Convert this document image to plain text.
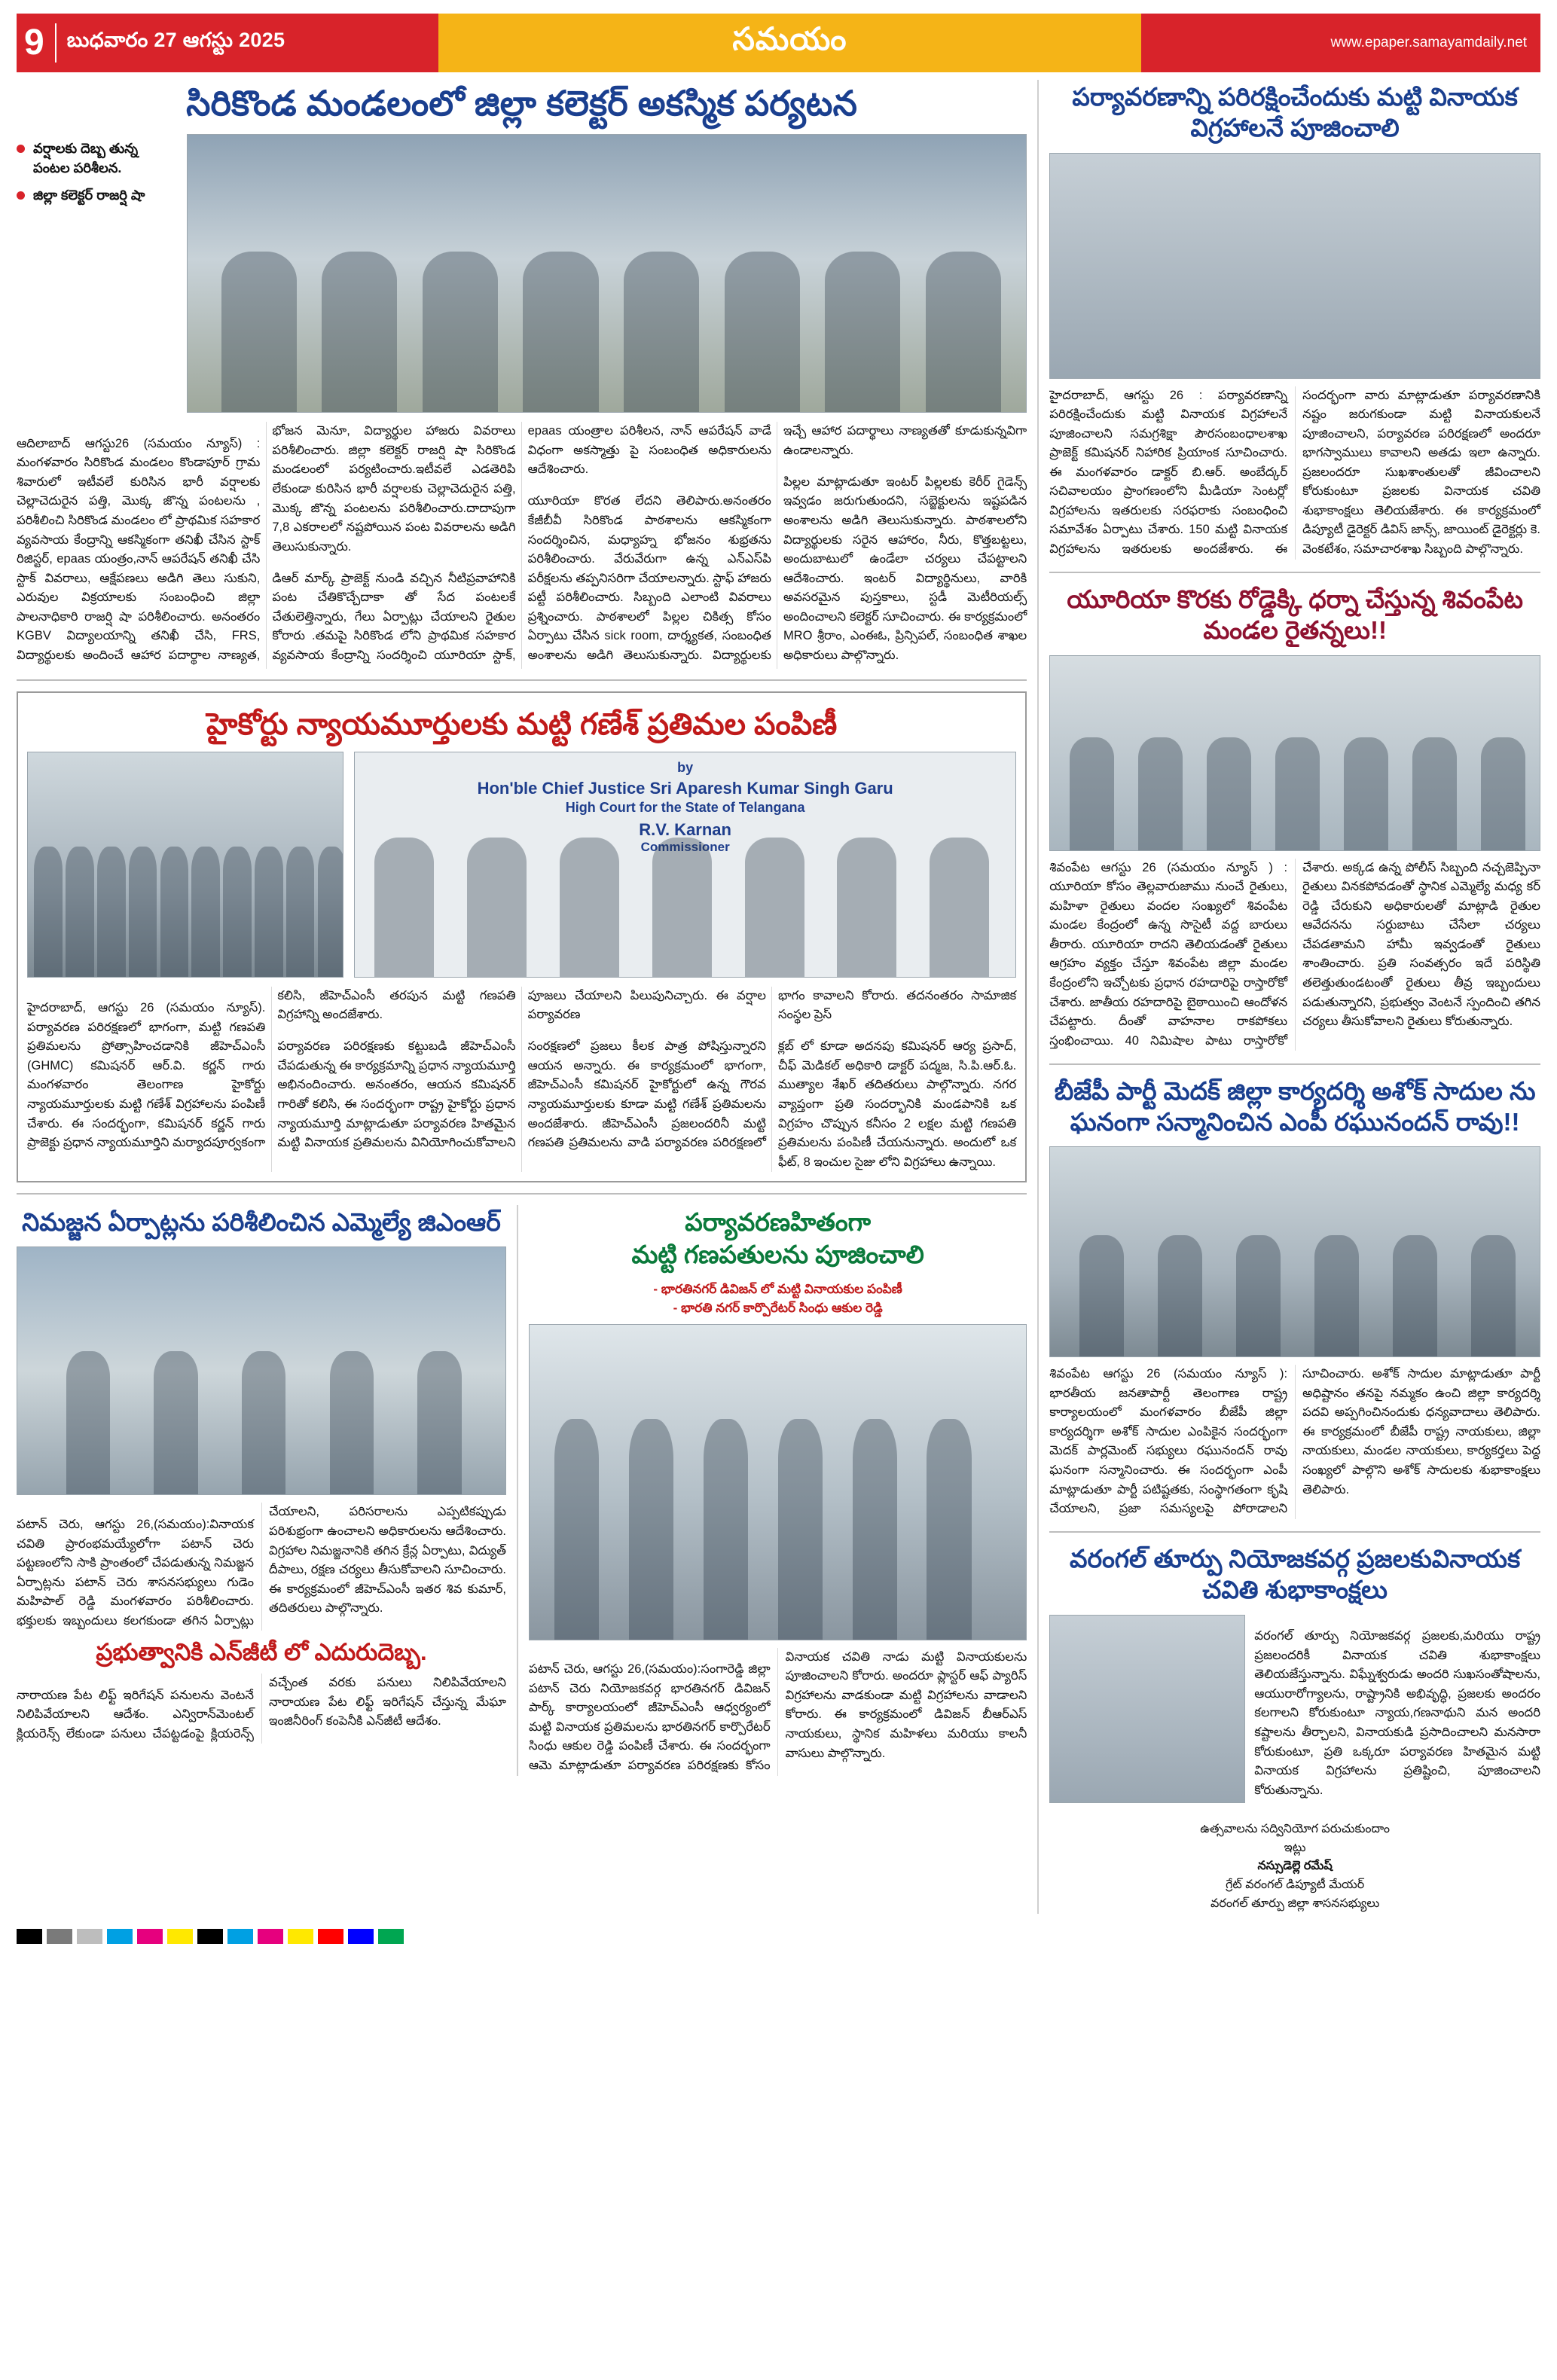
9	బుధవారం 27 ఆగస్టు 2025	సమయం	www.epaper.samayamdaily.net
సిరికొండ మండలంలో జిల్లా కలెక్టర్ అకస్మిక పర్యటన
వర్షాలకు దెబ్బ తున్న పంటల పరిశీలన.
జిల్లా కలెక్టర్ రాజర్షి షా

ఆదిలాబాద్ ఆగస్టు26 (సమయం న్యూస్) : మంగళవారం సిరికొండ మండలం కొండాపూర్ గ్రామ శివారులో ఇటీవలే కురిసిన భారీ వర్షాలకు చెల్లాచెదురైన పత్తి, మొక్క జొన్న పంటలను , పరిశీలించి సిరికొండ మండలం లో ప్రాథమిక సహకార వ్యవసాయ కేంద్రాన్ని ఆకస్మికంగా తనిఖీ చేసిన స్టాక్ రిజిస్టర్, epaas యంత్రం,నాన్ ఆపరేషన్ తనిఖీ చేసి స్టాక్ వివరాలు, ఆక్షేపణలు అడిగి తెలు సుకుని, ఎరువుల విక్రయాలకు సంబంధించి జిల్లా పాలనాధికారి రాజర్షి షా పరిశీలించారు. అనంతరం KGBV విద్యాలయాన్ని తనిఖీ చేసి, FRS, విద్యార్థులకు అందించే ఆహార పదార్థాల నాణ్యత, భోజన మెనూ, విద్యార్థుల హాజరు వివరాలు పరిశీలించారు. జిల్లా కలెక్టర్ రాజర్షి షా సిరికొండ మండలంలో పర్యటించారు.ఇటీవలే ఎడతెరిపి లేకుండా కురిసిన భారీ వర్షాలకు చెల్లాచెదురైన పత్తి, మొక్క జొన్న పంటలను పరిశీలించారు.దాదాపుగా 7,8 ఎకరాలలో నష్టపోయిన పంట వివరాలను అడిగి తెలుసుకున్నారు.

డిఆర్ మార్క్ ప్రాజెక్ట్ నుండి వచ్చిన నీటిప్రవాహానికి పంట చేతికొచ్చేదాకా తో సేద పంటలకే చేతులెత్తిన్నారు, గేలు ఏర్పాట్లు చేయాలని రైతుల కోరారు .తమపై సిరికొండ లోని ప్రాథమిక సహకార వ్యవసాయ కేంద్రాన్ని సందర్శించి యూరియా స్టాక్, epaas యంత్రాల పరిశీలన, నాన్ ఆపరేషన్ వాడే విధంగా అకస్మాత్తు పై సంబంధిత అధికారులను ఆదేశించారు.

యూరియా కొరత లేదని తెలిపారు.అనంతరం కేజీబీవీ సిరికొండ పాఠశాలను ఆకస్మికంగా సందర్శించిన, మధ్యాహ్న భోజనం శుభ్రతను పరిశీలించారు. వేరువేరుగా ఉన్న ఎన్‌ఎస్‌పి పరీక్షలను తప్పనిసరిగా చేయాలన్నారు. స్టాఫ్ హాజరు పట్టీ పరిశీలించారు. సిబ్బంది ఎలాంటి వివరాలు ప్రశ్నించారు. పాఠశాలలో పిల్లల చికిత్స కోసం ఏర్పాటు చేసిన sick room, దార్శ్యకత, సంబంధిత అంశాలను అడిగి తెలుసుకున్నారు. విద్యార్థులకు ఇచ్చే ఆహార పదార్థాలు నాణ్యతతో కూడుకున్నవిగా ఉండాలన్నారు.

పిల్లల మాట్లాడుతూ ఇంటర్ పిల్లలకు కెరీర్ గైడెన్స్ ఇవ్వడం జరుగుతుందని, సబ్జెక్టులను ఇష్టపడిన అంశాలను అడిగి తెలుసుకున్నారు. పాఠశాలలోని విద్యార్థులకు సరైన ఆహారం, నీరు, కొత్తబట్టలు, అందుబాటులో ఉండేలా చర్యలు చేపట్టాలని ఆదేశించారు. ఇంటర్ విద్యార్థినులు, వారికి అవసరమైన పుస్తకాలు, స్టడీ మెటీరియల్స్ అందించాలని కలెక్టర్ సూచించారు. ఈ కార్యక్రమంలో MRO శ్రీరాం, ఎంఈఓ, ప్రిన్సిపల్, సంబంధిత శాఖల అధికారులు పాల్గొన్నారు.

హైకోర్టు న్యాయమూర్తులకు మట్టి గణేశ్ ప్రతిమల పంపిణీ
by
Hon'ble Chief Justice Sri Aparesh Kumar Singh Garu
High Court for the State of Telangana
R.V. Karnan
Commissioner

హైదరాబాద్, ఆగస్టు 26 (సమయం న్యూస్). పర్యావరణ పరిరక్షణలో భాగంగా, మట్టి గణపతి ప్రతిమలను ప్రోత్సాహించడానికి జీహెచ్‌ఎంసీ (GHMC) కమిషనర్ ఆర్.వి. కర్ణన్ గారు మంగళవారం తెలంగాణ హైకోర్టు న్యాయమూర్తులకు మట్టి గణేశ్ విగ్రహాలను పంపిణీ చేశారు. ఈ సందర్భంగా, కమిషనర్ కర్ణన్ గారు ప్రాజెక్టు ప్రధాన న్యాయమూర్తిని మర్యాదపూర్వకంగా కలిసి, జీహెచ్‌ఎంసీ తరపున మట్టి గణపతి విగ్రహాన్ని అందజేశారు.

పర్యావరణ పరిరక్షణకు కట్టుబడి జీహెచ్‌ఎంసీ చేపడుతున్న ఈ కార్యక్రమాన్ని ప్రధాన న్యాయమూర్తి అభినందించారు. అనంతరం, ఆయన కమిషనర్ గారితో కలిసి, ఈ సందర్భంగా రాష్ట్ర హైకోర్టు ప్రధాన న్యాయమూర్తి మాట్లాడుతూ పర్యావరణ హితమైన మట్టి వినాయక ప్రతిమలను వినియోగించుకోవాలని పూజలు చేయాలని పిలుపునిచ్చారు. ఈ వర్షాల పర్యావరణ

సంరక్షణలో ప్రజలు కీలక పాత్ర పోషిస్తున్నారని ఆయన అన్నారు. ఈ కార్యక్రమంలో భాగంగా, జీహెచ్‌ఎంసీ కమిషనర్ హైకోర్టులో ఉన్న గౌరవ న్యాయమూర్తులకు కూడా మట్టి గణేశ్ ప్రతిమలను అందజేశారు. జీహెచ్‌ఎంసీ ప్రజలందరినీ మట్టి గణపతి ప్రతిమలను వాడి పర్యావరణ పరిరక్షణలో భాగం కావాలని కోరారు. తదనంతరం సామాజిక సంస్థల ప్రెస్

క్లబ్ లో కూడా అదనపు కమిషనర్ ఆర్య ప్రసాద్, చీఫ్ మెడికల్ అధికారి డాక్టర్ పద్మజ, సి.పి.ఆర్.ఓ. ముత్యాల శేఖర్ తదితరులు పాల్గొన్నారు. నగర వ్యాప్తంగా ప్రతి సందర్భానికి మండపానికి ఒక విగ్రహం చొప్పున కనీసం 2 లక్షల మట్టి గణపతి ప్రతిమలను పంపిణీ చేయనున్నారు. అందులో ఒక ఫీట్, 8 ఇంచుల సైజు లోని విగ్రహాలు ఉన్నాయి.

నిమజ్జన ఏర్పాట్లను పరిశీలించిన ఎమ్మెల్యే జిఎంఆర్

పటాన్ చెరు, ఆగస్టు 26,(సమయం):వినాయక చవితి ప్రారంభమయ్యేలోగా పటాన్ చెరు పట్టణంలోని సాకి ప్రాంతంలో చేపడుతున్న నిమజ్జన ఏర్పాట్లను పటాన్ చెరు శాసనసభ్యులు గుడెం మహిపాల్ రెడ్డి మంగళవారం పరిశీలించారు. భక్తులకు ఇబ్బందులు కలగకుండా తగిన ఏర్పాట్లు చేయాలని, పరిసరాలను ఎప్పటికప్పుడు పరిశుభ్రంగా ఉంచాలని అధికారులను ఆదేశించారు. విగ్రహాల నిమజ్జనానికి తగిన క్రేన్ల ఏర్పాటు, విద్యుత్ దీపాలు, రక్షణ చర్యలు తీసుకోవాలని సూచించారు. ఈ కార్యక్రమంలో జీహెచ్‌ఎంసీ ఇతర శివ కుమార్, తదితరులు పాల్గొన్నారు.

ప్రభుత్వానికి ఎన్‌జీటీ లో ఎదురుదెబ్బ.

నారాయణ పేట లిఫ్ట్ ఇరిగేషన్ పనులను వెంటనే నిలిపివేయాలని ఆదేశం. ఎన్విరాన్‌మెంటల్ క్లియరెన్స్ లేకుండా పనులు చేపట్టడంపై క్లియరెన్స్ వచ్చేంత వరకు పనులు నిలిపివేయాలని నారాయణ పేట లిఫ్ట్ ఇరిగేషన్ చేస్తున్న మేఘా ఇంజినీరింగ్ కంపెనీకి ఎన్‌జీటీ ఆదేశం.

పర్యావరణహితంగా
మట్టి గణపతులను పూజించాలి
- భారతినగర్ డివిజన్ లో మట్టి వినాయకుల పంపిణీ
- భారతి నగర్ కార్పొరేటర్ సింధు ఆకుల రెడ్డి

పటాన్ చెరు, ఆగస్టు 26,(సమయం):సంగారెడ్డి జిల్లా పటాన్ చెరు నియోజకవర్గ భారతినగర్ డివిజన్ పార్క్ కార్యాలయంలో జీహెచ్‌ఎంసీ ఆధ్వర్యంలో మట్టి వినాయక ప్రతిమలను భారతినగర్ కార్పొరేటర్ సింధు ఆకుల రెడ్డి పంపిణీ చేశారు. ఈ సందర్భంగా ఆమె మాట్లాడుతూ పర్యావరణ పరిరక్షణకు కోసం వినాయక చవితి నాడు మట్టి వినాయకులను పూజించాలని కోరారు. అందరూ ప్లాస్టర్ ఆఫ్ ప్యారిస్ విగ్రహాలను వాడకుండా మట్టి విగ్రహాలను వాడాలని కోరారు. ఈ కార్యక్రమంలో డివిజన్ బీఆర్‌ఎస్ నాయకులు, స్థానిక మహిళలు మరియు కాలనీ వాసులు పాల్గొన్నారు.

పర్యావరణాన్ని పరిరక్షించేందుకు మట్టి వినాయక విగ్రహాలనే పూజించాలి

హైదరాబాద్, ఆగస్టు 26 : పర్యావరణాన్ని పరిరక్షించేందుకు మట్టి వినాయక విగ్రహాలనే పూజించాలని సమగ్రశిక్షా పౌరసంబంధాలశాఖ ప్రాజెక్ట్ కమిషనర్ నిహారిక ప్రియాంక సూచించారు. ఈ మంగళవారం డాక్టర్ బి.ఆర్. అంబేద్కర్ సచివాలయం ప్రాంగణంలోని మీడియా సెంటర్లో విగ్రహాలను ఇతరులకు సరఫరాకు సంబంధించి సమావేశం ఏర్పాటు చేశారు. 150 మట్టి వినాయక విగ్రహాలను ఇతరులకు అందజేశారు. ఈ సందర్భంగా వారు మాట్లాడుతూ పర్యావరణానికి నష్టం జరుగకుండా మట్టి వినాయకులనే పూజించాలని, పర్యావరణ పరిరక్షణలో అందరూ భాగస్వాములు కావాలని అతడు ఇలా ఉన్నారు. ప్రజలందరూ సుఖశాంతులతో జీవించాలని కోరుకుంటూ ప్రజలకు వినాయక చవితి శుభాకాంక్షలు తెలియజేశారు. ఈ కార్యక్రమంలో డిప్యూటీ డైరెక్టర్ డివిస్ జాన్స్, జాయింట్ డైరెక్టర్లు కె. వెంకటేశం, సమాచారశాఖ సిబ్బంది పాల్గొన్నారు.

యూరియా కొరకు రోడ్డెక్కి ధర్నా చేస్తున్న శివంపేట మండల రైతన్నలు!!

శివంపేట ఆగస్టు 26 (సమయం న్యూస్ ) : యూరియా కోసం తెల్లవారుజాము నుంచే రైతులు, మహిళా రైతులు వందల సంఖ్యలో శివంపేట మండల కేంద్రంలో ఉన్న సొసైటీ వద్ద బారులు తీరారు. యూరియా రాదని తెలియడంతో రైతులు ఆగ్రహం వ్యక్తం చేస్తూ శివంపేట జిల్లా మండల కేంద్రంలోని ఇచ్చోటకు ప్రధాన రహదారిపై రాస్తారోకో చేశారు. జాతీయ రహదారిపై బైఠాయించి ఆందోళన చేపట్టారు. దీంతో వాహనాల రాకపోకలు స్తంభించాయి. 40 నిమిషాల పాటు రాస్తారోకో చేశారు. అక్కడ ఉన్న పోలీస్ సిబ్బంది నచ్చజెప్పినా రైతులు వినకపోవడంతో స్థానిక ఎమ్మెల్యే మధ్య కర్ రెడ్డి చేరుకుని అధికారులతో మాట్లాడి రైతుల ఆవేదనను సర్దుబాటు చేసేలా చర్యలు చేపడతామని హామీ ఇవ్వడంతో రైతులు శాంతించారు. ప్రతి సంవత్సరం ఇదే పరిస్థితి తలెత్తుతుండటంతో రైతులు తీవ్ర ఇబ్బందులు పడుతున్నారని, ప్రభుత్వం వెంటనే స్పందించి తగిన చర్యలు తీసుకోవాలని రైతులు కోరుతున్నారు.

బీజేపీ పార్టీ మెదక్ జిల్లా కార్యదర్శి అశోక్ సాదుల ను ఘనంగా సన్మానించిన ఎంపీ రఘునందన్ రావు!!

శివంపేట ఆగస్టు 26 (సమయం న్యూస్ ): భారతీయ జనతాపార్టీ తెలంగాణ రాష్ట్ర కార్యాలయంలో మంగళవారం బీజేపీ జిల్లా కార్యదర్శిగా అశోక్ సాదుల ఎంపికైన సందర్భంగా మెదక్ పార్లమెంట్ సభ్యులు రఘునందన్ రావు ఘనంగా సన్మానించారు. ఈ సందర్భంగా ఎంపీ మాట్లాడుతూ పార్టీ పటిష్టతకు, సంస్థాగతంగా కృషి చేయాలని, ప్రజా సమస్యలపై పోరాడాలని సూచించారు. అశోక్ సాదుల మాట్లాడుతూ పార్టీ అధిష్టానం తనపై నమ్మకం ఉంచి జిల్లా కార్యదర్శి పదవి అప్పగించినందుకు ధన్యవాదాలు తెలిపారు. ఈ కార్యక్రమంలో బీజేపీ రాష్ట్ర నాయకులు, జిల్లా నాయకులు, మండల నాయకులు, కార్యకర్తలు పెద్ద సంఖ్యలో పాల్గొని అశోక్ సాదులకు శుభాకాంక్షలు తెలిపారు.

వరంగల్ తూర్పు నియోజకవర్గ ప్రజలకువినాయక చవితి శుభాకాంక్షలు

వరంగల్ తూర్పు నియోజకవర్గ ప్రజలకు,మరియు రాష్ట్ర ప్రజలందరికీ వినాయక చవితి శుభాకాంక్షలు తెలియజేస్తున్నాను. విఘ్నేశ్వరుడు అందరి సుఖసంతోషాలను, ఆయురారోగ్యాలను, రాష్ట్రానికి అభివృద్ధి, ప్రజలకు అందరం కలగాలని కోరుకుంటూ న్యాయ,గణనాథుని మన అందరి కష్టాలను తీర్చాలని, వినాయకుడి ప్రసాదించాలని మనసారా కోరుకుంటూ, ప్రతి ఒక్కరూ పర్యావరణ హితమైన మట్టి వినాయక విగ్రహాలను ప్రతిష్టించి, పూజించాలని కోరుతున్నాను.

ఉత్సవాలను సద్వినియోగ పరుచుకుందాం
ఇట్లు
నస్సుడెల్లె రమేష్
గ్రేట్ వరంగల్ డిప్యూటీ మేయర్
వరంగల్ తూర్పు జిల్లా శాసనసభ్యులు
